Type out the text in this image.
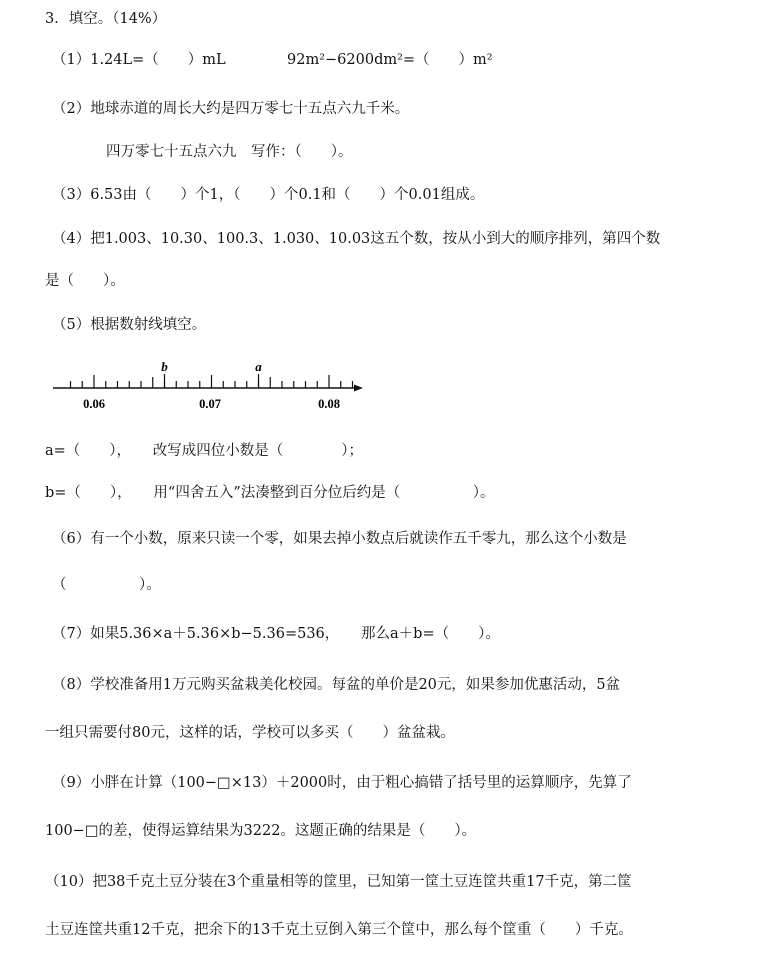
3．填空。（14%）
（1）1.24L=（　　）mL	92m²−6200dm²=（　　）m²
（2）地球赤道的周长大约是四万零七十五点六九千米。
四万零七十五点六九　写作：（　　）。
（3）6.53由（　　）个1，（　　）个0.1和（　　）个0.01组成。
（4）把1.003、10.30、100.3、1.030、10.03这五个数，按从小到大的顺序排列，第四个数
是（　　）。
（5）根据数射线填空。
0.06	0.07	0.08
b	a
a=（　　），　　改写成四位小数是（　　　　）；
b=（　　），　　用“四舍五入”法凑整到百分位后约是（　　　　　）。
（6）有一个小数，原来只读一个零，如果去掉小数点后就读作五千零九，那么这个小数是
（　　　　　）。
（7）如果5.36×a＋5.36×b−5.36=536，　　那么a＋b=（　　）。
（8）学校准备用1万元购买盆栽美化校园。每盆的单价是20元，如果参加优惠活动，5盆
一组只需要付80元，这样的话，学校可以多买（　　）盆盆栽。
（9）小胖在计算（100−□×13）＋2000时，由于粗心搞错了括号里的运算顺序，先算了
100−□的差，使得运算结果为3222。这题正确的结果是（　　）。
（10）把38千克土豆分装在3个重量相等的筐里，已知第一筐土豆连筐共重17千克，第二筐
土豆连筐共重12千克，把余下的13千克土豆倒入第三个筐中，那么每个筐重（　　）千克。
